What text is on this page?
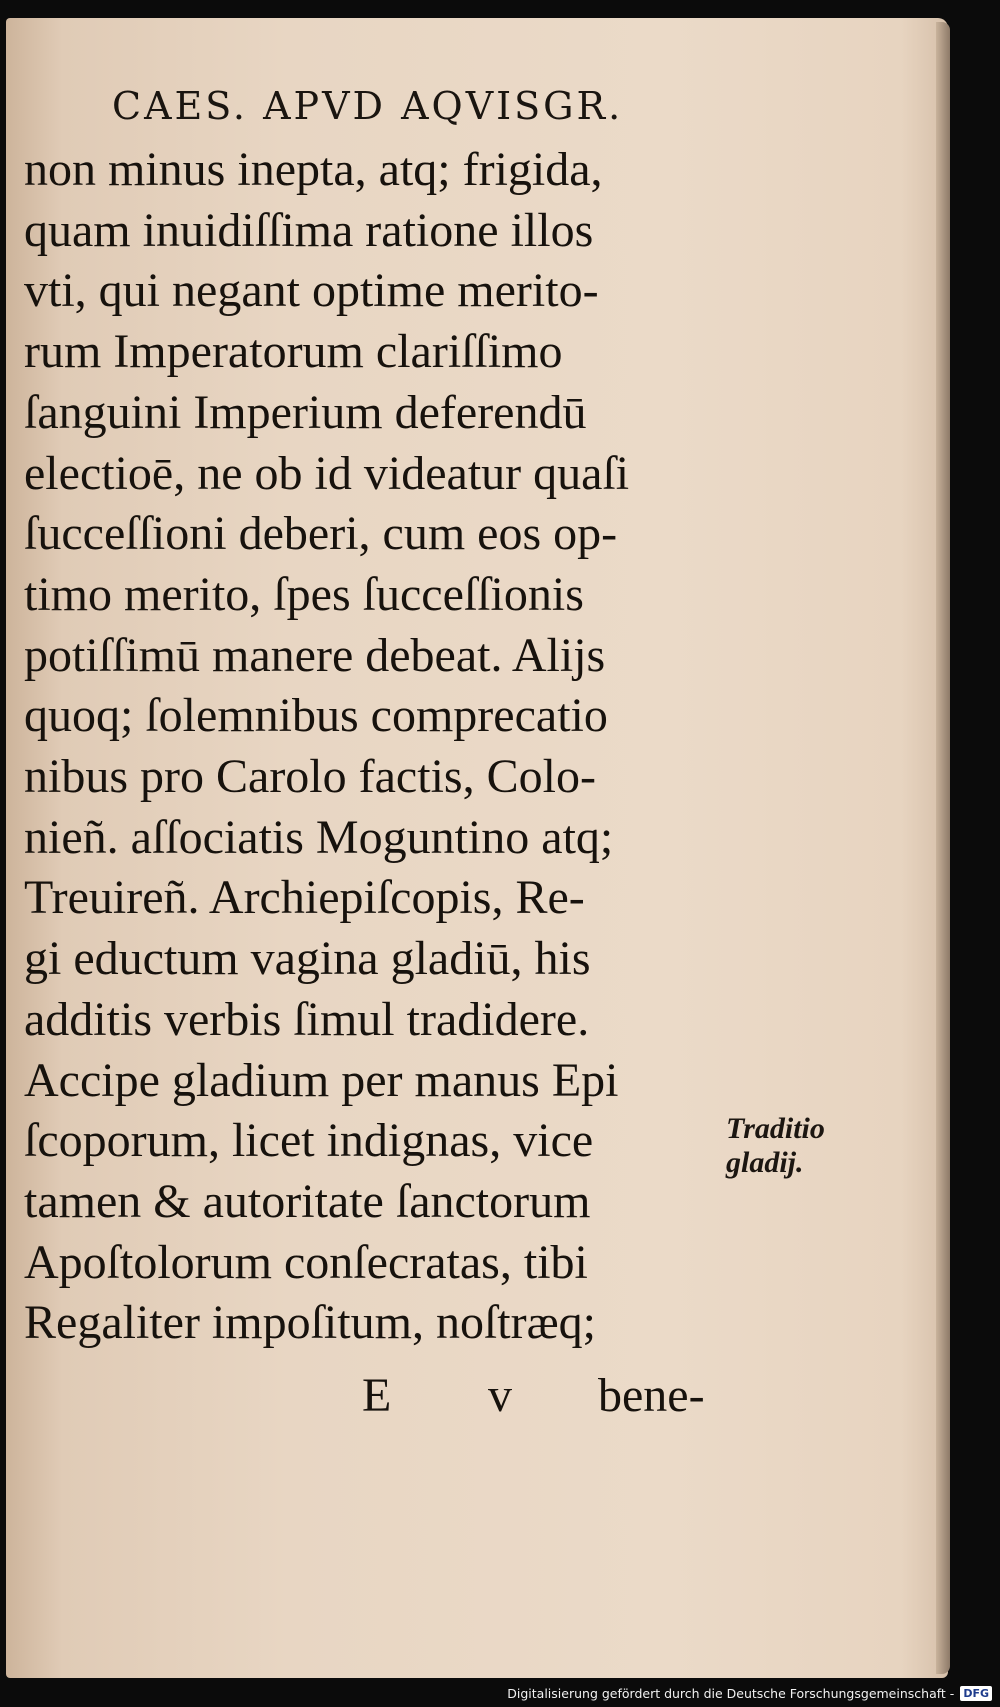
CAES. APVD AQVISGR.
non minus inepta, atq; frigida,
quam inuidiſſima ratione illos
vti, qui negant optime merito-
rum Imperatorum clariſſimo
ſanguini Imperium deferendū
electioē, ne ob id videatur quaſi
ſucceſſioni deberi, cum eos op-
timo merito, ſpes ſucceſſionis
potiſſimū manere debeat. Alijs
quoq; ſolemnibus comprecatio
nibus pro Carolo factis, Colo-
nieñ. aſſociatis Moguntino atq;
Treuireñ. Archiepiſcopis, Re-
gi eductum vagina gladiū, his
additis verbis ſimul tradidere.
Accipe gladium per manus Epi
ſcoporum, licet indignas, vice
tamen & autoritate ſanctorum
Apoſtolorum conſecratas, tibi
Regaliter impoſitum, noſtræq;
Traditio
gladij.
E v bene-
Digitalisierung gefördert durch die Deutsche Forschungsgemeinschaft - DFG
